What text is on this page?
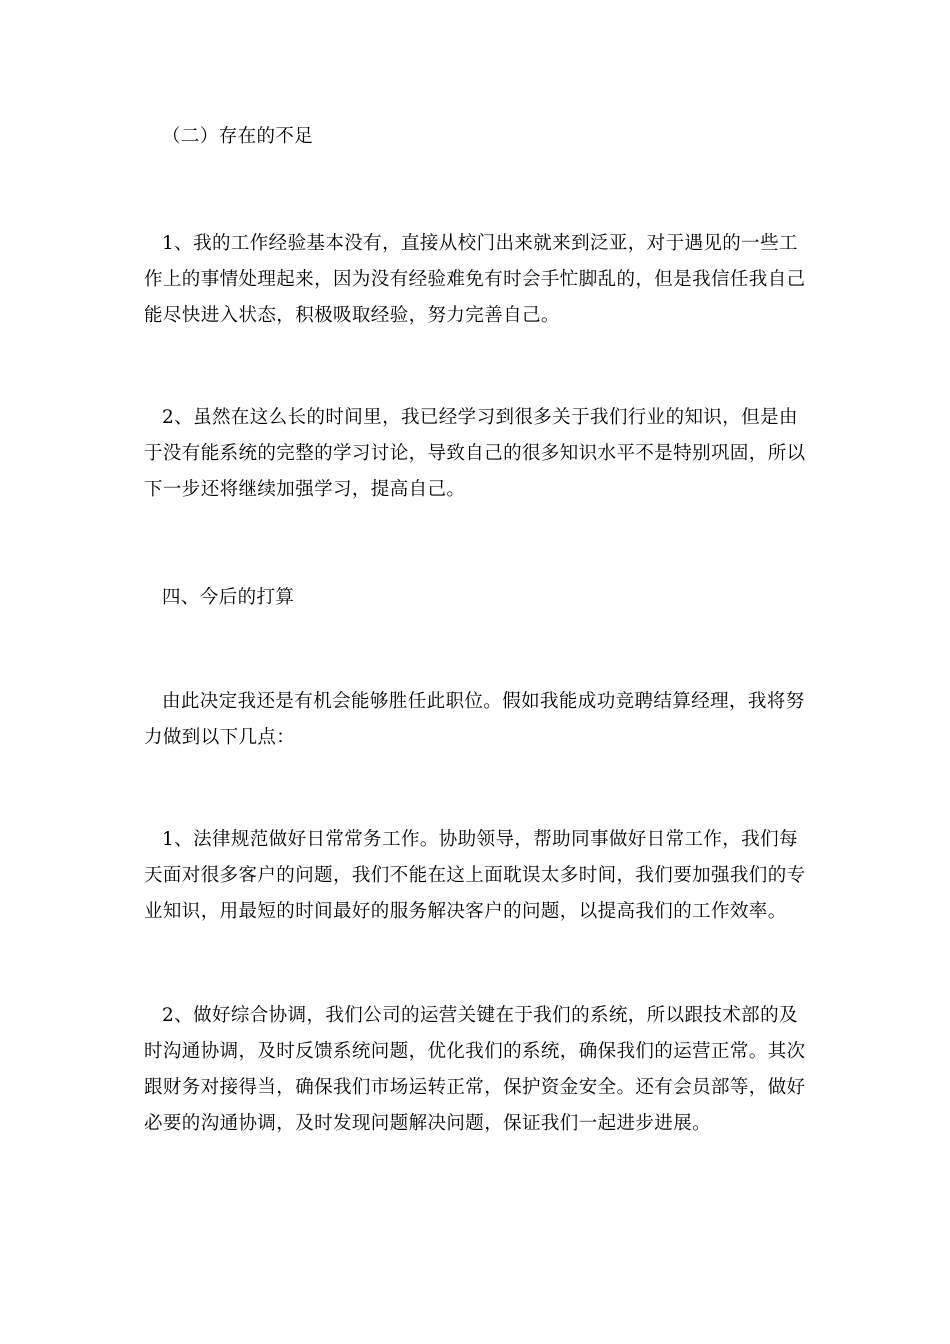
（二）存在的不足

1、我的工作经验基本没有，直接从校门出来就来到泛亚，对于遇见的一些工作上的事情处理起来，因为没有经验难免有时会手忙脚乱的，但是我信任我自己能尽快进入状态，积极吸取经验，努力完善自己。

2、虽然在这么长的时间里，我已经学习到很多关于我们行业的知识，但是由于没有能系统的完整的学习讨论，导致自己的很多知识水平不是特别巩固，所以下一步还将继续加强学习，提高自己。

四、今后的打算

由此决定我还是有机会能够胜任此职位。假如我能成功竞聘结算经理，我将努力做到以下几点：

1、法律规范做好日常常务工作。协助领导，帮助同事做好日常工作，我们每天面对很多客户的问题，我们不能在这上面耽误太多时间，我们要加强我们的专业知识，用最短的时间最好的服务解决客户的问题，以提高我们的工作效率。

2、做好综合协调，我们公司的运营关键在于我们的系统，所以跟技术部的及时沟通协调，及时反馈系统问题，优化我们的系统，确保我们的运营正常。其次跟财务对接得当，确保我们市场运转正常，保护资金安全。还有会员部等，做好必要的沟通协调，及时发现问题解决问题，保证我们一起进步进展。
